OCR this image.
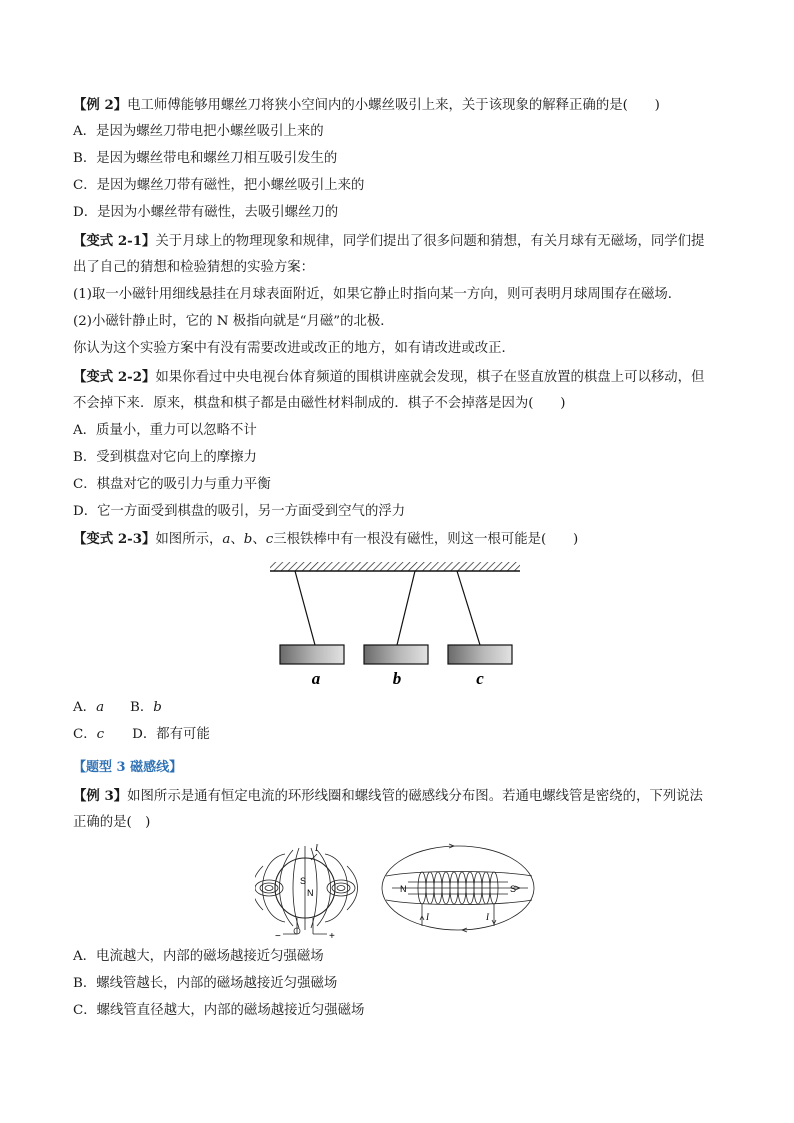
【例 2】电工师傅能够用螺丝刀将狭小空间内的小螺丝吸引上来，关于该现象的解释正确的是(　　)
A．是因为螺丝刀带电把小螺丝吸引上来的
B．是因为螺丝带电和螺丝刀相互吸引发生的
C．是因为螺丝刀带有磁性，把小螺丝吸引上来的
D．是因为小螺丝带有磁性，去吸引螺丝刀的
【变式 2-1】关于月球上的物理现象和规律，同学们提出了很多问题和猜想，有关月球有无磁场，同学们提
出了自己的猜想和检验猜想的实验方案：
(1)取一小磁针用细线悬挂在月球表面附近，如果它静止时指向某一方向，则可表明月球周围存在磁场．
(2)小磁针静止时，它的 N 极指向就是“月磁”的北极．
你认为这个实验方案中有没有需要改进或改正的地方，如有请改进或改正．
【变式 2-2】如果你看过中央电视台体育频道的围棋讲座就会发现，棋子在竖直放置的棋盘上可以移动，但
不会掉下来．原来，棋盘和棋子都是由磁性材料制成的．棋子不会掉落是因为(　　)
A．质量小，重力可以忽略不计
B．受到棋盘对它向上的摩擦力
C．棋盘对它的吸引力与重力平衡
D．它一方面受到棋盘的吸引，另一方面受到空气的浮力
【变式 2-3】如图所示，a、b、c三根铁棒中有一根没有磁性，则这一根可能是(　　)
a	b	c
A．a B．b
C．c D．都有可能
【题型 3 磁感线】
【例 3】如图所示是通有恒定电流的环形线圈和螺线管的磁感线分布图。若通电螺线管是密绕的，下列说法
正确的是(　)
I
S
N
−	+
N	S
I	I
A．电流越大，内部的磁场越接近匀强磁场
B．螺线管越长，内部的磁场越接近匀强磁场
C．螺线管直径越大，内部的磁场越接近匀强磁场
